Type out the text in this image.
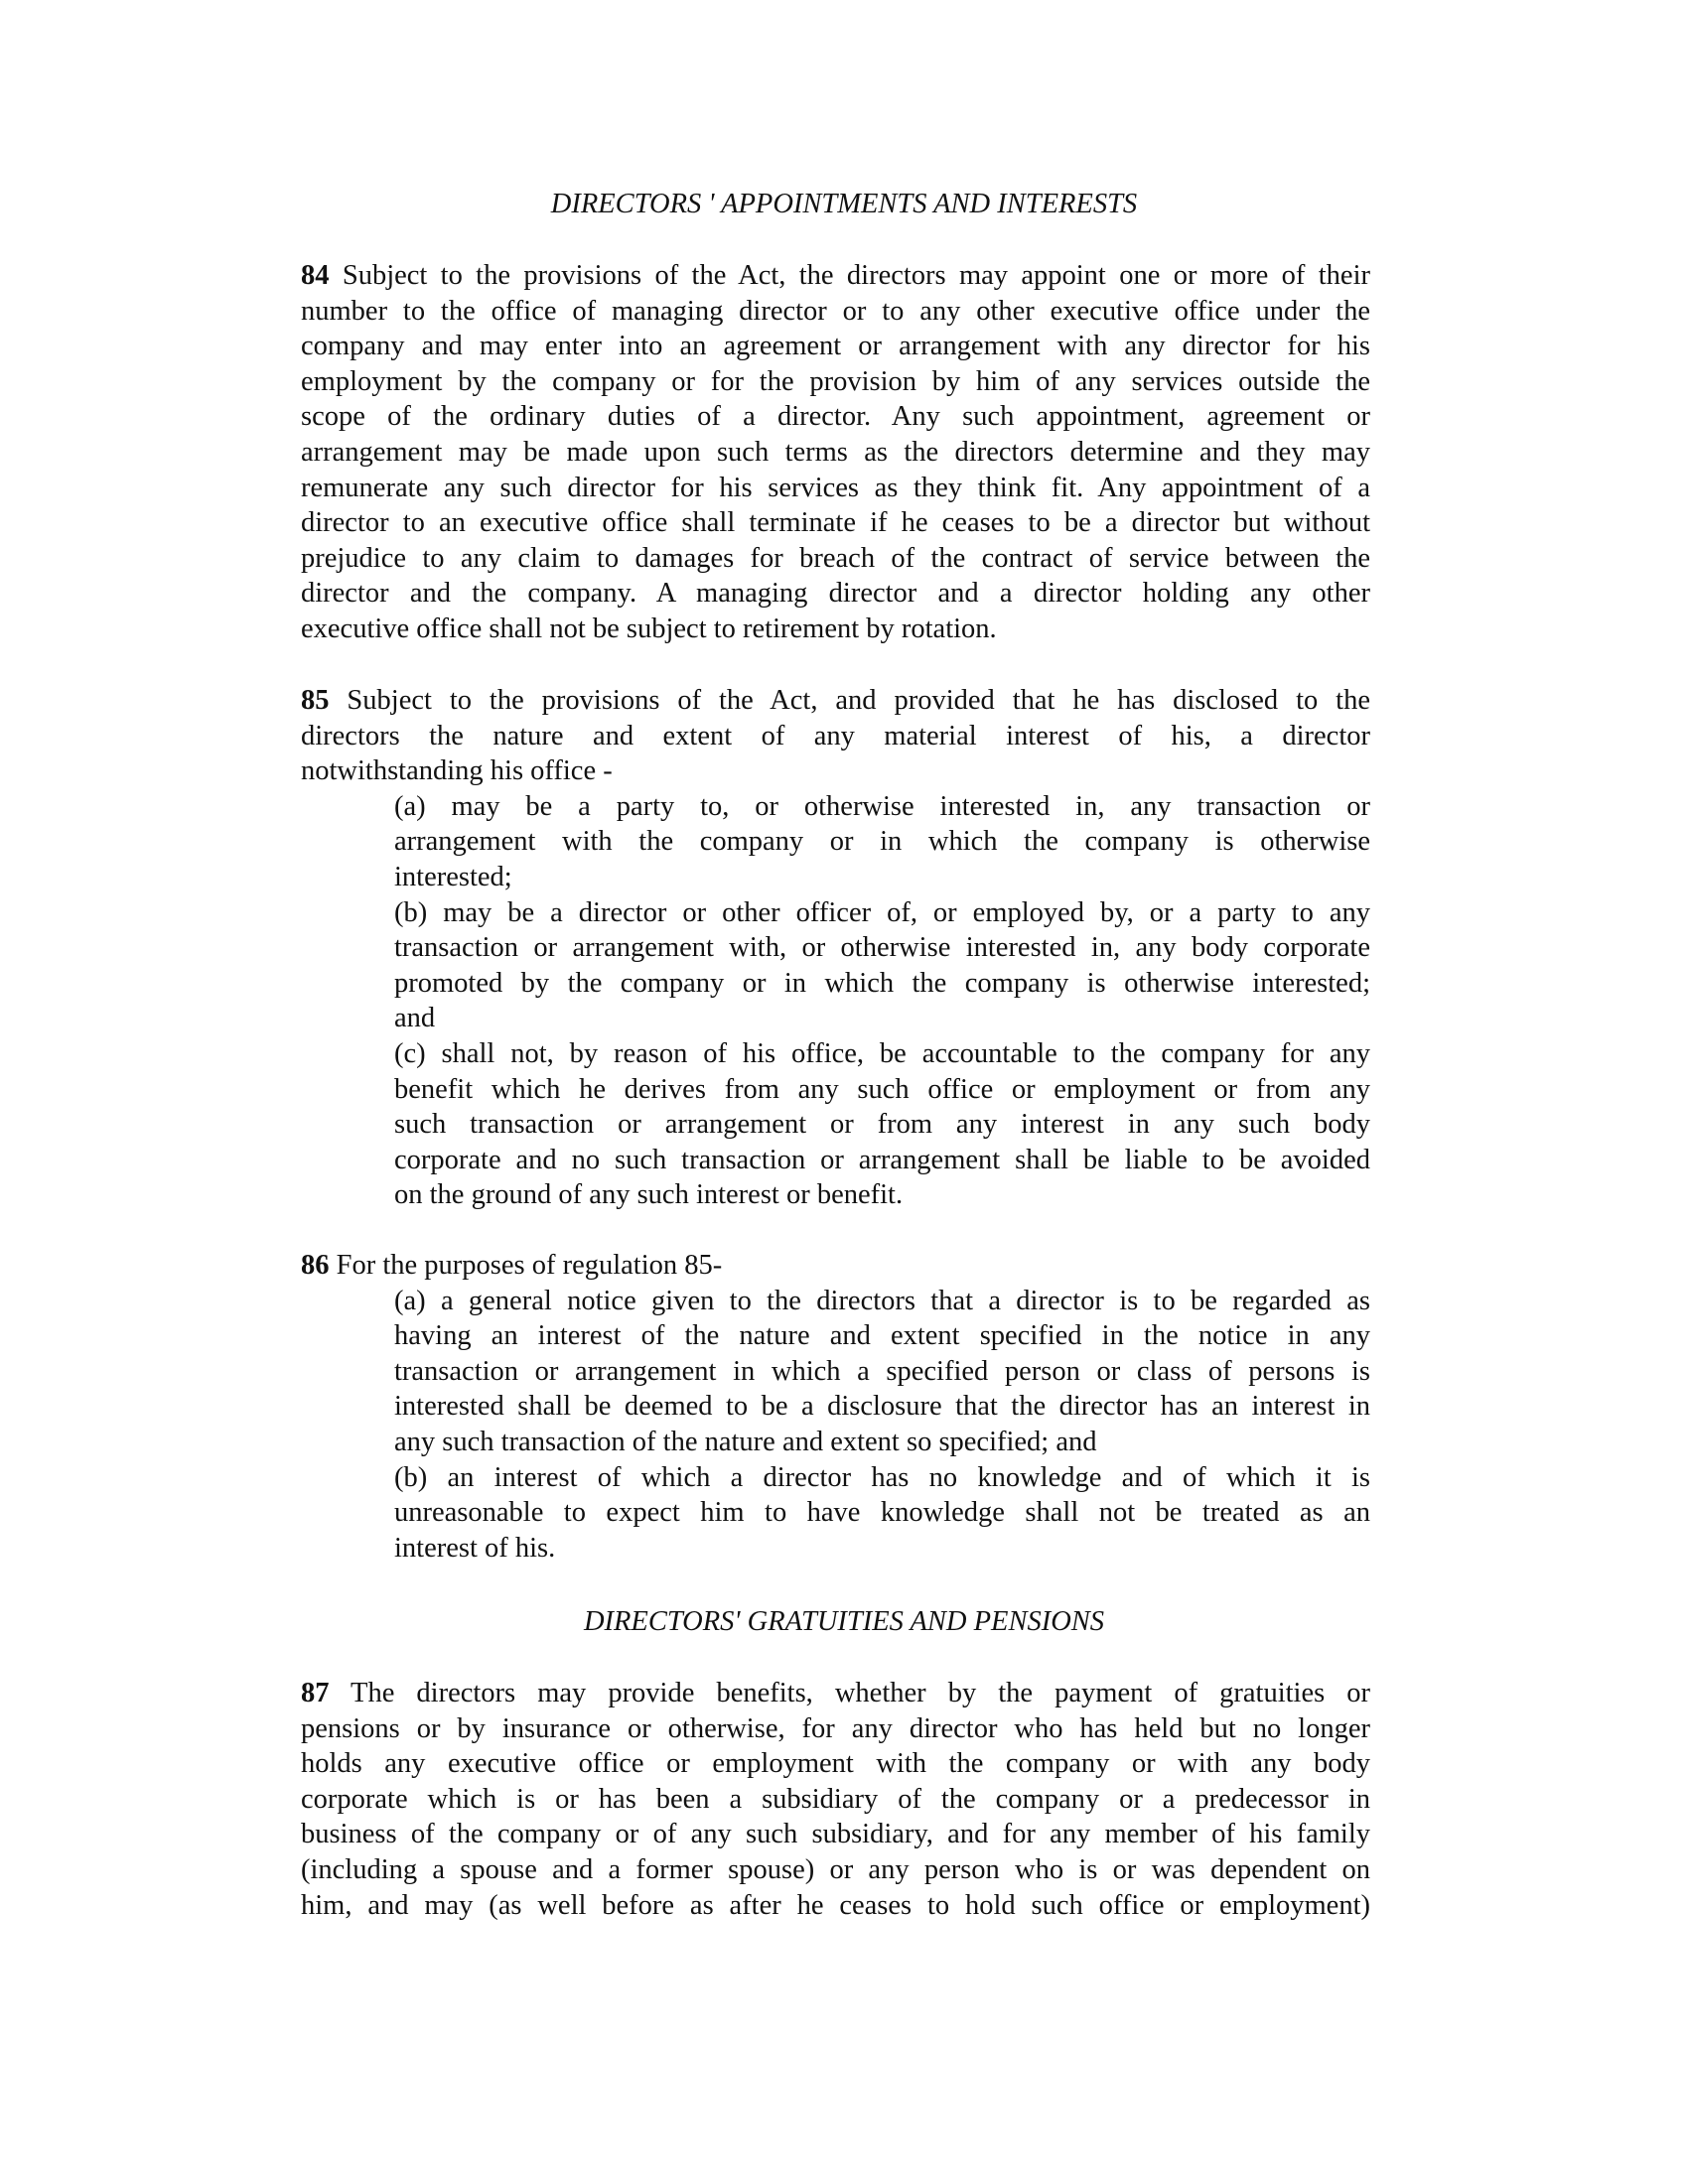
DIRECTORS ' APPOINTMENTS AND INTERESTS
84 Subject to the provisions of the Act, the directors may appoint one or more of their
number to the office of managing director or to any other executive office under the
company and may enter into an agreement or arrangement with any director for his
employment by the company or for the provision by him of any services outside the
scope of the ordinary duties of a director. Any such appointment, agreement or
arrangement may be made upon such terms as the directors determine and they may
remunerate any such director for his services as they think fit. Any appointment of a
director to an executive office shall terminate if he ceases to be a director but without
prejudice to any claim to damages for breach of the contract of service between the
director and the company. A managing director and a director holding any other
executive office shall not be subject to retirement by rotation.
85 Subject to the provisions of the Act, and provided that he has disclosed to the
directors the nature and extent of any material interest of his, a director
notwithstanding his office -
(a) may be a party to, or otherwise interested in, any transaction or
arrangement with the company or in which the company is otherwise
interested;
(b) may be a director or other officer of, or employed by, or a party to any
transaction or arrangement with, or otherwise interested in, any body corporate
promoted by the company or in which the company is otherwise interested;
and
(c) shall not, by reason of his office, be accountable to the company for any
benefit which he derives from any such office or employment or from any
such transaction or arrangement or from any interest in any such body
corporate and no such transaction or arrangement shall be liable to be avoided
on the ground of any such interest or benefit.
86 For the purposes of regulation 85-
(a) a general notice given to the directors that a director is to be regarded as
having an interest of the nature and extent specified in the notice in any
transaction or arrangement in which a specified person or class of persons is
interested shall be deemed to be a disclosure that the director has an interest in
any such transaction of the nature and extent so specified; and
(b) an interest of which a director has no knowledge and of which it is
unreasonable to expect him to have knowledge shall not be treated as an
interest of his.
DIRECTORS' GRATUITIES AND PENSIONS
87 The directors may provide benefits, whether by the payment of gratuities or
pensions or by insurance or otherwise, for any director who has held but no longer
holds any executive office or employment with the company or with any body
corporate which is or has been a subsidiary of the company or a predecessor in
business of the company or of any such subsidiary, and for any member of his family
(including a spouse and a former spouse) or any person who is or was dependent on
him, and may (as well before as after he ceases to hold such office or employment)
